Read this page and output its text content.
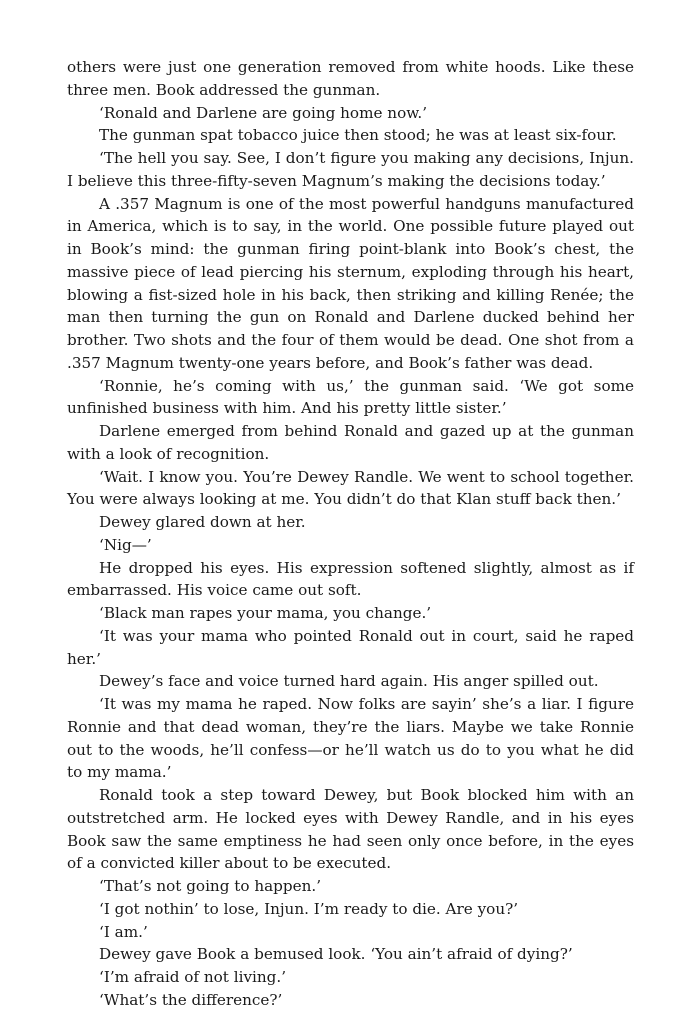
others were just one generation removed from white hoods. Like these three men. Book addressed the gunman.

‘Ronald and Darlene are going home now.’

The gunman spat tobacco juice then stood; he was at least six-four.

‘The hell you say. See, I don’t figure you making any decisions, Injun. I believe this three-fifty-seven Magnum’s making the decisions today.’

A .357 Magnum is one of the most powerful handguns manufactured in America, which is to say, in the world. One possible future played out in Book’s mind: the gunman firing point-blank into Book’s chest, the massive piece of lead piercing his sternum, exploding through his heart, blowing a fist-sized hole in his back, then striking and killing Renée; the man then turning the gun on Ronald and Darlene ducked behind her brother. Two shots and the four of them would be dead. One shot from a .357 Magnum twenty-one years before, and Book’s father was dead.

‘Ronnie, he’s coming with us,’ the gunman said. ‘We got some unfinished business with him. And his pretty little sister.’

Darlene emerged from behind Ronald and gazed up at the gunman with a look of recognition.

‘Wait. I know you. You’re Dewey Randle. We went to school together. You were always looking at me. You didn’t do that Klan stuff back then.’

Dewey glared down at her.

‘Nig—’

He dropped his eyes. His expression softened slightly, almost as if embarrassed. His voice came out soft.

‘Black man rapes your mama, you change.’

‘It was your mama who pointed Ronald out in court, said he raped her.’

Dewey’s face and voice turned hard again. His anger spilled out.

‘It was my mama he raped. Now folks are sayin’ she’s a liar. I figure Ronnie and that dead woman, they’re the liars. Maybe we take Ronnie out to the woods, he’ll confess—or he’ll watch us do to you what he did to my mama.’

Ronald took a step toward Dewey, but Book blocked him with an outstretched arm. He locked eyes with Dewey Randle, and in his eyes Book saw the same emptiness he had seen only once before, in the eyes of a convicted killer about to be executed.

‘That’s not going to happen.’

‘I got nothin’ to lose, Injun. I’m ready to die. Are you?’

‘I am.’

Dewey gave Book a bemused look. ‘You ain’t afraid of dying?’

‘I’m afraid of not living.’

‘What’s the difference?’
